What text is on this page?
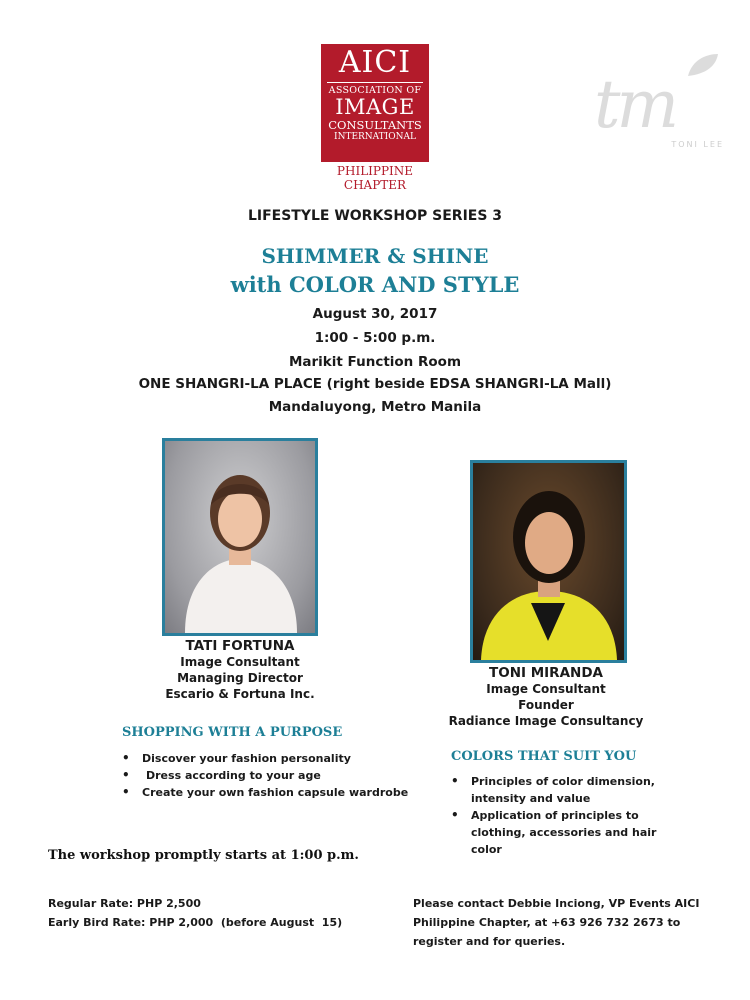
AICI
ASSOCIATION OF
IMAGE
CONSULTANTS
INTERNATIONAL
PHILIPPINE
CHAPTER
tm
TONI LEE
LIFESTYLE WORKSHOP SERIES 3
SHIMMER & SHINE
with COLOR AND STYLE
August 30, 2017
1:00 - 5:00 p.m.
Marikit Function Room
ONE SHANGRI-LA PLACE (right beside EDSA SHANGRI-LA Mall)
Mandaluyong, Metro Manila
TATI FORTUNA
Image Consultant
Managing Director
Escario & Fortuna Inc.
TONI MIRANDA
Image Consultant
Founder
Radiance Image Consultancy
SHOPPING WITH A PURPOSE
• Discover your fashion personality
• Dress according to your age
• Create your own fashion capsule wardrobe
COLORS THAT SUIT YOU
• Principles of color dimension, intensity and value
• Application of principles to clothing, accessories and hair color
The workshop promptly starts at 1:00 p.m.
Regular Rate: PHP 2,500
Early Bird Rate: PHP 2,000  (before August  15)
Please contact Debbie Inciong, VP Events AICI Philippine Chapter, at +63 926 732 2673 to register and for queries.
